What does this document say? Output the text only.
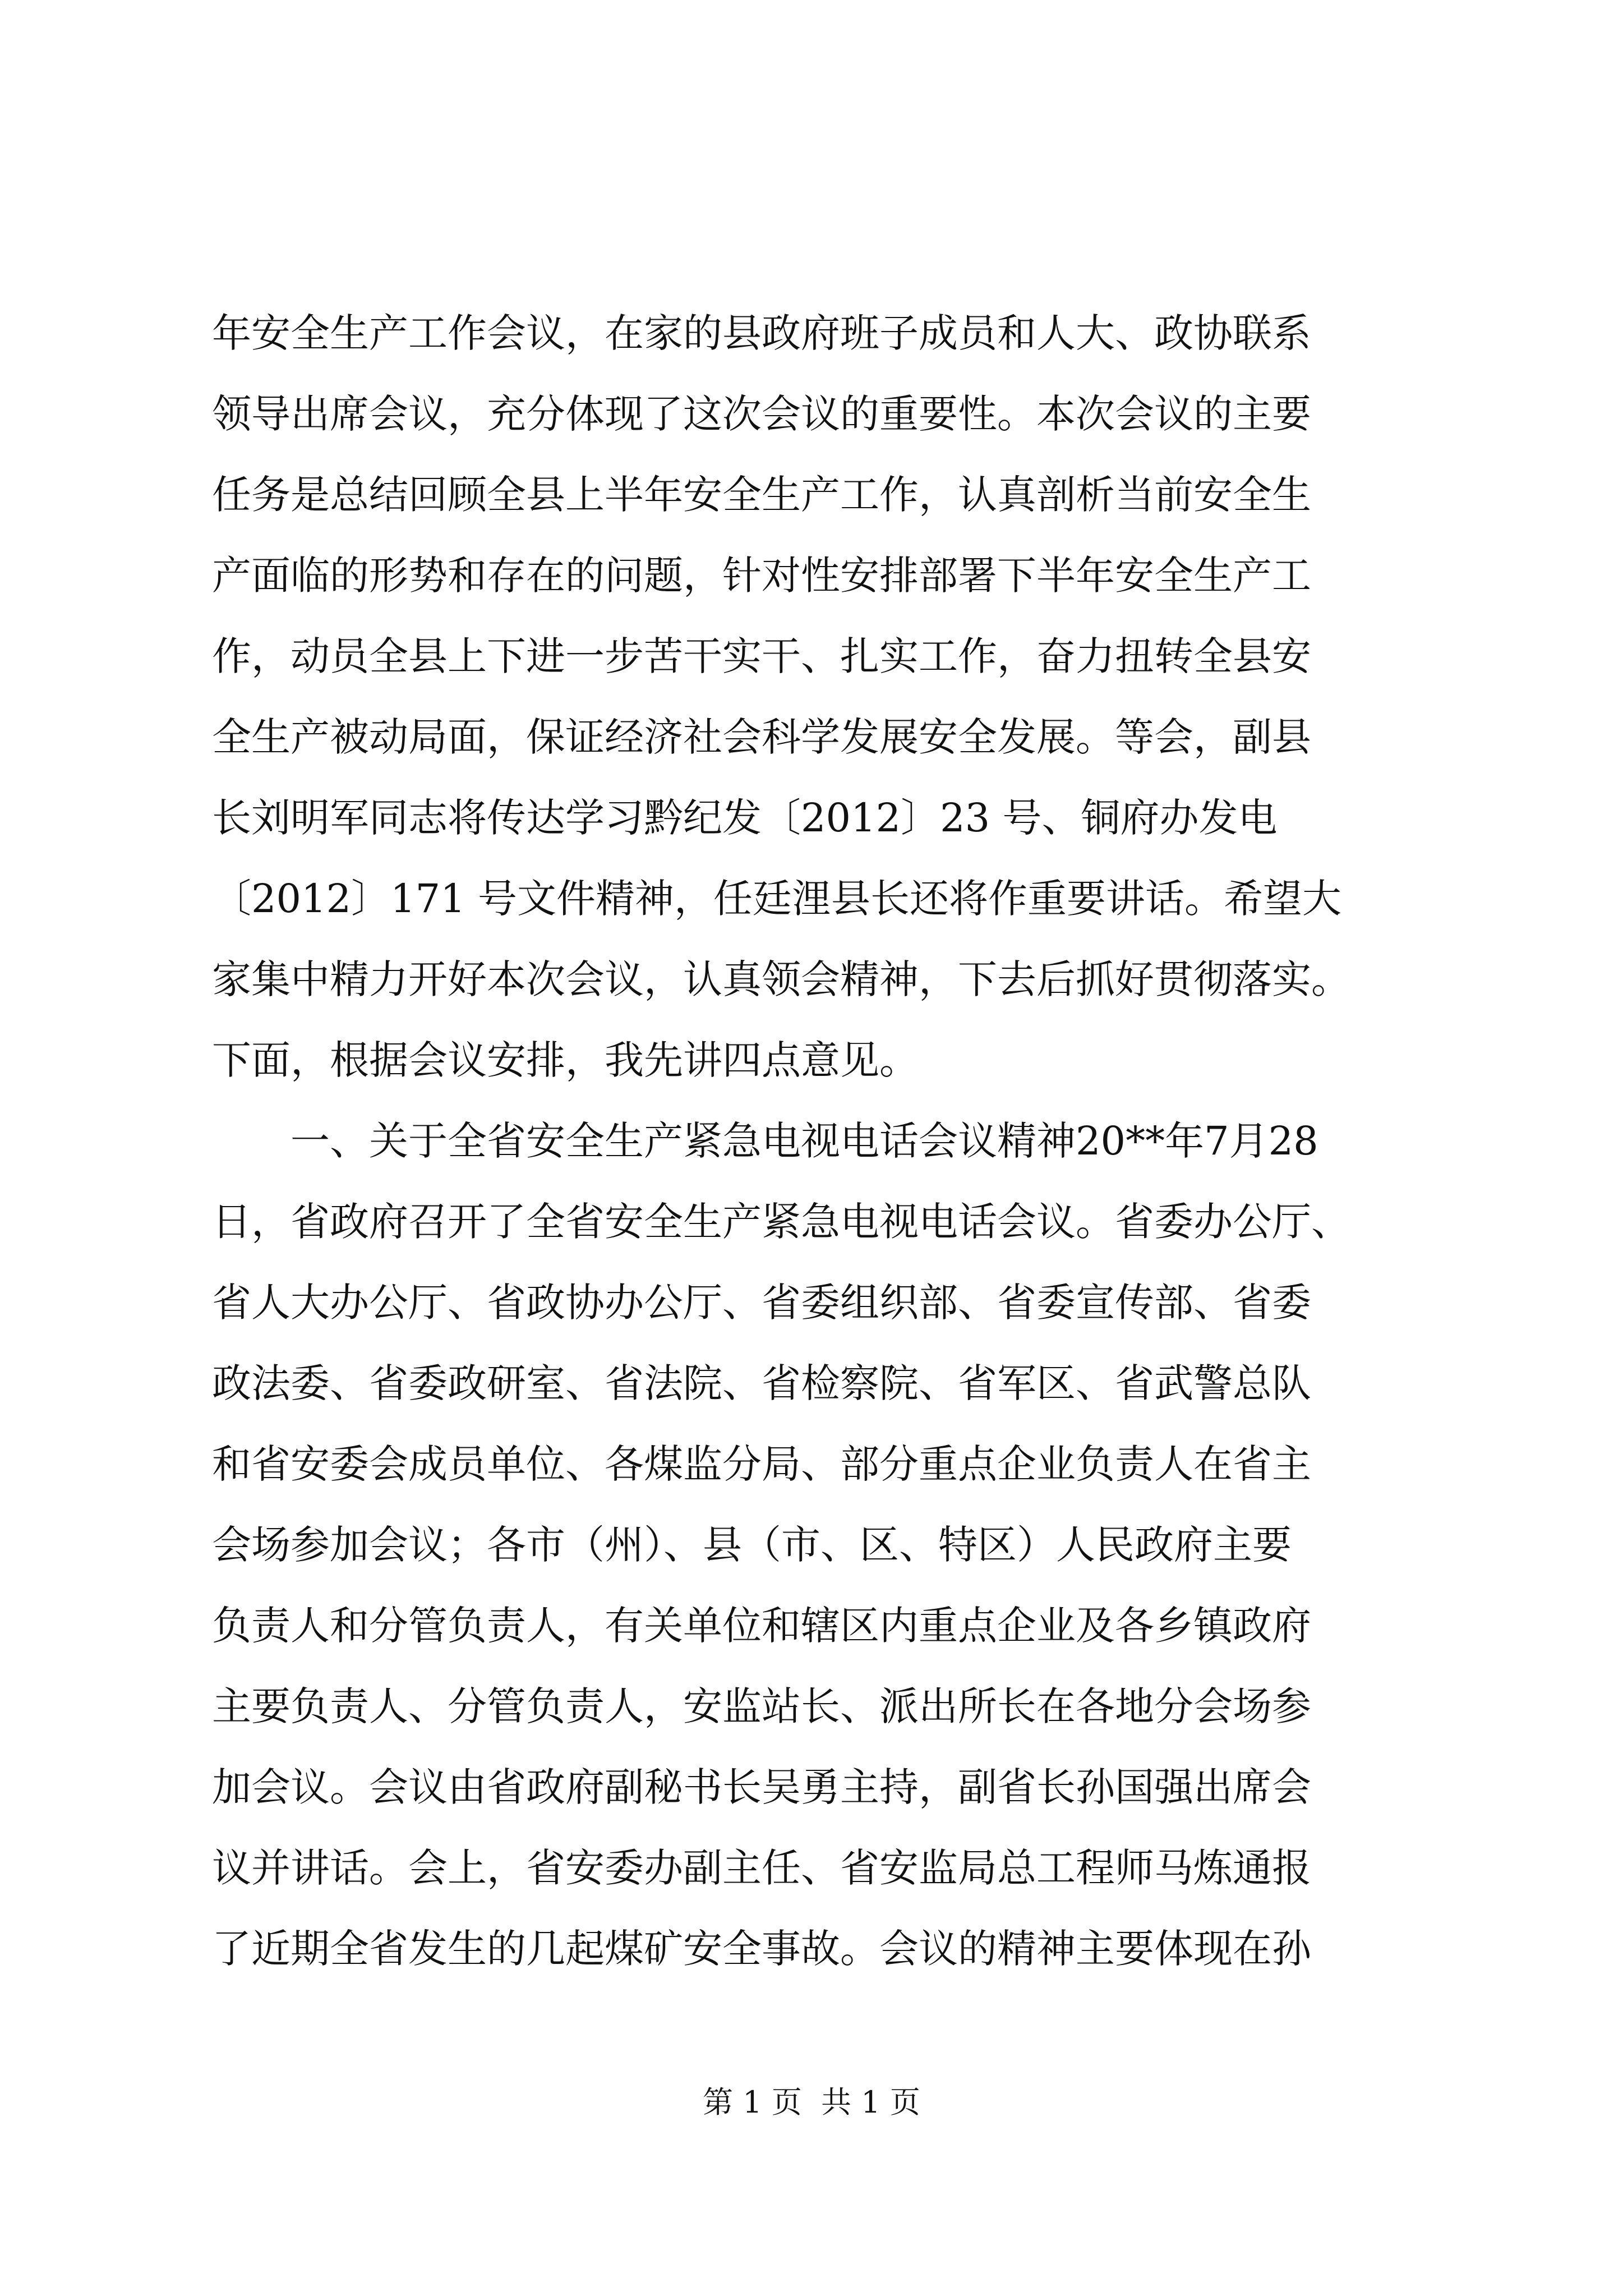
年安全生产工作会议，在家的县政府班子成员和人大、政协联系
领导出席会议，充分体现了这次会议的重要性。本次会议的主要
任务是总结回顾全县上半年安全生产工作，认真剖析当前安全生
产面临的形势和存在的问题，针对性安排部署下半年安全生产工
作，动员全县上下进一步苦干实干、扎实工作，奋力扭转全县安
全生产被动局面，保证经济社会科学发展安全发展。等会，副县
长刘明军同志将传达学习黔纪发〔2012〕23 号、铜府办发电
〔2012〕171 号文件精神，任廷浬县长还将作重要讲话。希望大
家集中精力开好本次会议，认真领会精神，下去后抓好贯彻落实。
下面，根据会议安排，我先讲四点意见。
　　一、关于全省安全生产紧急电视电话会议精神20**年7月28
日，省政府召开了全省安全生产紧急电视电话会议。省委办公厅、
省人大办公厅、省政协办公厅、省委组织部、省委宣传部、省委
政法委、省委政研室、省法院、省检察院、省军区、省武警总队
和省安委会成员单位、各煤监分局、部分重点企业负责人在省主
会场参加会议；各市（州）、县（市、区、特区）人民政府主要
负责人和分管负责人，有关单位和辖区内重点企业及各乡镇政府
主要负责人、分管负责人，安监站长、派出所长在各地分会场参
加会议。会议由省政府副秘书长吴勇主持，副省长孙国强出席会
议并讲话。会上，省安委办副主任、省安监局总工程师马炼通报
了近期全省发生的几起煤矿安全事故。会议的精神主要体现在孙
第 1 页  共 1 页
